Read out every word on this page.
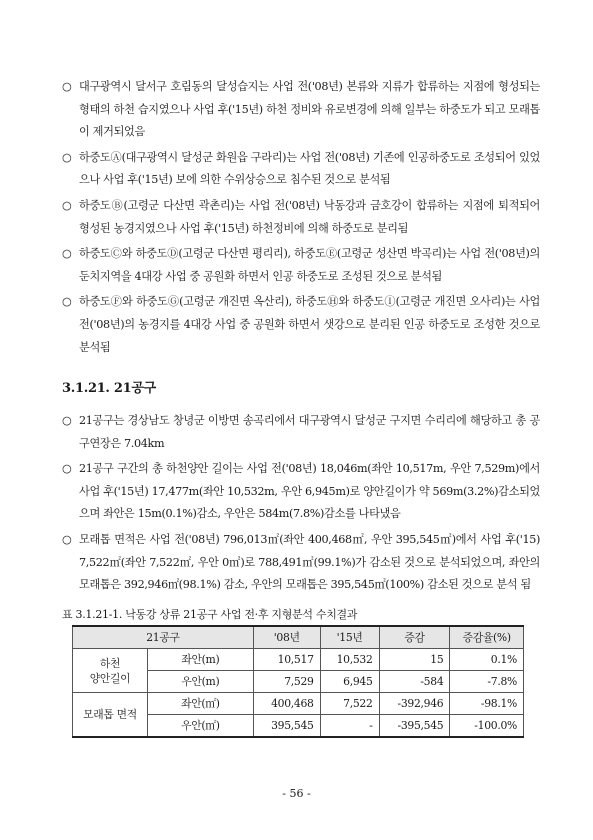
○ 대구광역시 달서구 호림동의 달성습지는 사업 전('08년) 본류와 지류가 합류하는 지점에 형성되는 형태의 하천 습지였으나 사업 후('15년) 하천 정비와 유로변경에 의해 일부는 하중도가 되고 모래톱이 제거되었음
○ 하중도Ⓐ(대구광역시 달성군 화원읍 구라리)는 사업 전('08년) 기존에 인공하중도로 조성되어 있었으나 사업 후('15년) 보에 의한 수위상승으로 침수된 것으로 분석됨
○ 하중도Ⓑ(고령군 다산면 곽촌리)는 사업 전('08년) 낙동강과 금호강이 합류하는 지점에 퇴적되어 형성된 농경지였으나 사업 후('15년) 하천정비에 의해 하중도로 분리됨
○ 하중도Ⓒ와 하중도Ⓓ(고령군 다산면 평리리), 하중도Ⓔ(고령군 성산면 박곡리)는 사업 전('08년)의 둔치지역을 4대강 사업 중 공원화 하면서 인공 하중도로 조성된 것으로 분석됨
○ 하중도Ⓕ와 하중도Ⓖ(고령군 개진면 옥산리), 하중도Ⓗ와 하중도Ⓘ(고령군 개진면 오사리)는 사업 전('08년)의 농경지를 4대강 사업 중 공원화 하면서 샛강으로 분리된 인공 하중도로 조성한 것으로 분석됨
3.1.21. 21공구
○ 21공구는 경상남도 창녕군 이방면 송곡리에서 대구광역시 달성군 구지면 수리리에 해당하고 총 공구연장은 7.04km
○ 21공구 구간의 총 하천양안 길이는 사업 전('08년) 18,046m(좌안 10,517m, 우안 7,529m)에서 사업 후('15년) 17,477m(좌안 10,532m, 우안 6,945m)로 양안길이가 약 569m(3.2%)감소되었으며 좌안은 15m(0.1%)감소, 우안은 584m(7.8%)감소를 나타냈음
○ 모래톱 면적은 사업 전('08년) 796,013㎡(좌안 400,468㎡, 우안 395,545㎡)에서 사업 후('15) 7,522㎡(좌안 7,522㎡, 우안 0㎡)로 788,491㎡(99.1%)가 감소된 것으로 분석되었으며, 좌안의 모래톱은 392,946㎡(98.1%) 감소, 우안의 모래톱은 395,545㎡(100%) 감소된 것으로 분석 됨
표 3.1.21-1. 낙동강 상류 21공구 사업 전·후 지형분석 수치결과
21공구		'08년	'15년	증감	증감율(%)
하천
양안길이	좌안(m)	10,517	10,532	15	0.1%
	우안(m)	7,529	6,945	-584	-7.8%
모래톱 면적	좌안(㎡)	400,468	7,522	-392,946	-98.1%
	우안(㎡)	395,545	-	-395,545	-100.0%
- 56 -
